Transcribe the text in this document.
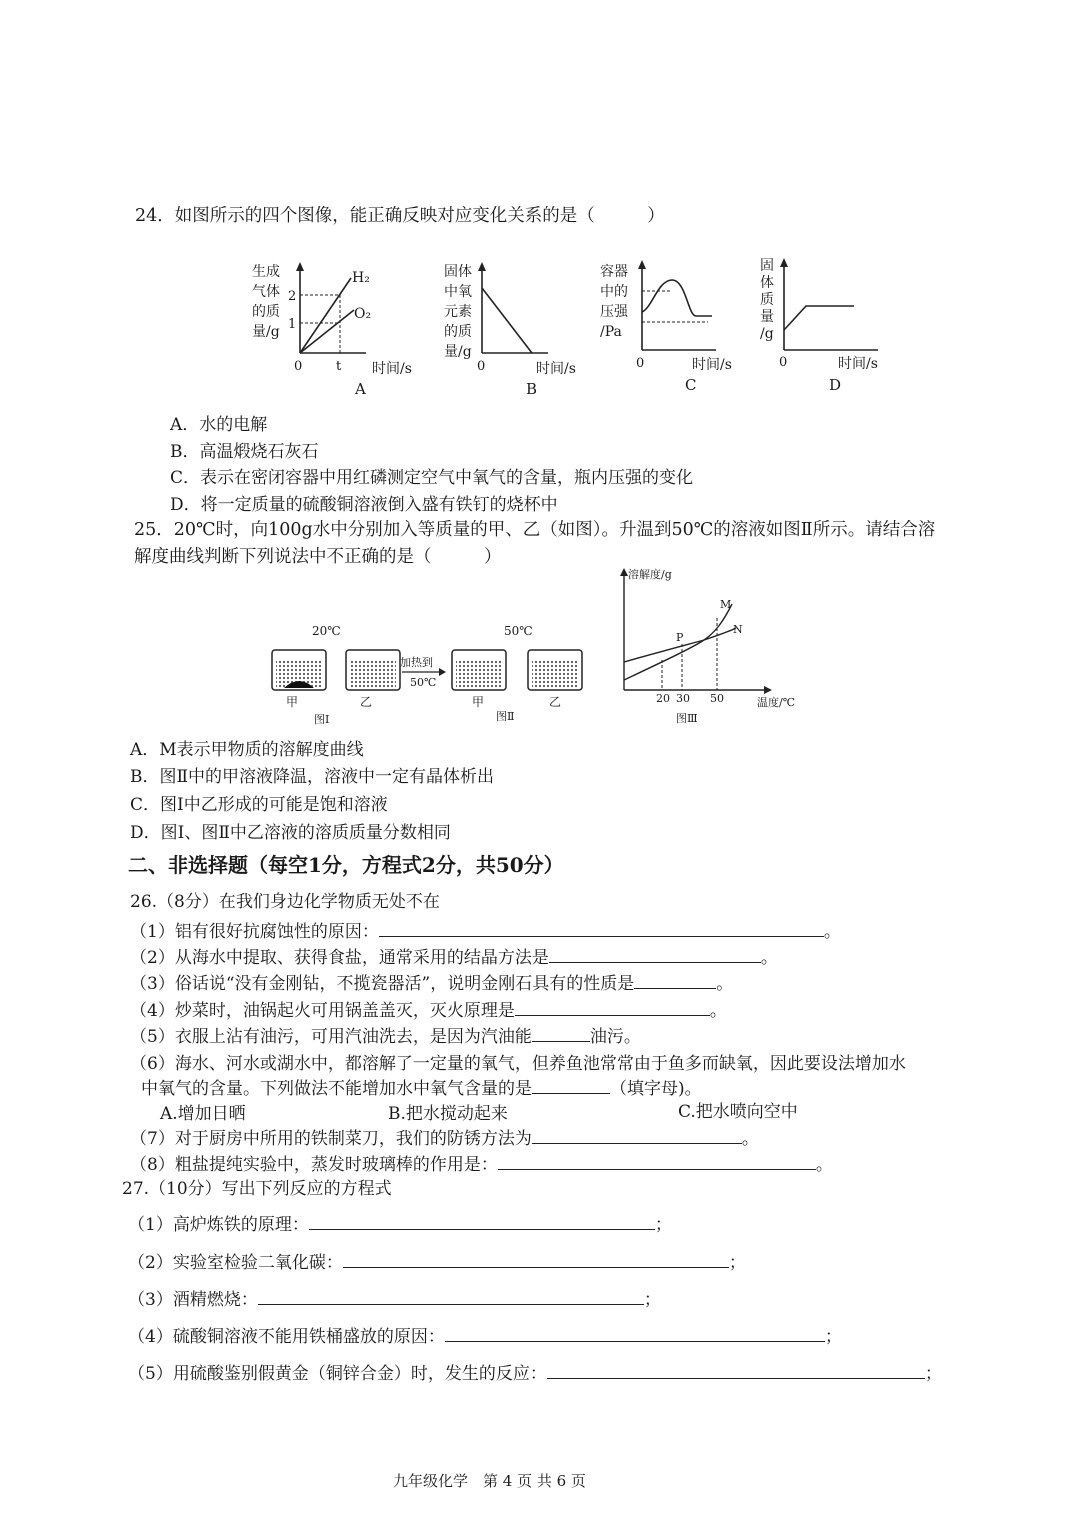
24．如图所示的四个图像，能正确反映对应变化关系的是（　　　）
生成
气体
的质
量/g
2
1
0	t
H₂
O₂
时间/s
A
固体
中氧
元素
的质
量/g
0	时间/s
B
容器
中的
压强
/Pa
0	时间/s
C
固
体
质
量
/g
0	时间/s
D
A．水的电解
B．高温煅烧石灰石
C．表示在密闭容器中用红磷测定空气中氧气的含量，瓶内压强的变化
D．将一定质量的硫酸铜溶液倒入盛有铁钉的烧杯中
25．20℃时，向100g水中分别加入等质量的甲、乙（如图）。升温到50℃的溶液如图Ⅱ所示。请结合溶
解度曲线判断下列说法中不正确的是（　　　）
20℃	50℃
加热到
50℃
甲	乙	甲	乙
图Ⅰ	图Ⅱ
溶解度/g
M
N
P
20 30 50	温度/℃
图Ⅲ
A．M表示甲物质的溶解度曲线
B．图Ⅱ中的甲溶液降温，溶液中一定有晶体析出
C．图Ⅰ中乙形成的可能是饱和溶液
D．图Ⅰ、图Ⅱ中乙溶液的溶质质量分数相同
二、非选择题（每空1分，方程式2分，共50分）
26.（8分）在我们身边化学物质无处不在
（1）铝有很好抗腐蚀性的原因：	。
（2）从海水中提取、获得食盐，通常采用的结晶方法是	。
（3）俗话说“没有金刚钻，不揽瓷器活”，说明金刚石具有的性质是	。
（4）炒菜时，油锅起火可用锅盖盖灭，灭火原理是	。
（5）衣服上沾有油污，可用汽油洗去，是因为汽油能	油污。
（6）海水、河水或湖水中，都溶解了一定量的氧气，但养鱼池常常由于鱼多而缺氧，因此要设法增加水
中氧气的含量。下列做法不能增加水中氧气含量的是	（填字母)。
A.增加日晒	B.把水搅动起来	C.把水喷向空中
（7）对于厨房中所用的铁制菜刀，我们的防锈方法为	。
（8）粗盐提纯实验中，蒸发时玻璃棒的作用是：	。
27.（10分）写出下列反应的方程式
（1）高炉炼铁的原理：	；
（2）实验室检验二氧化碳：	；
（3）酒精燃烧：	；
（4）硫酸铜溶液不能用铁桶盛放的原因：	；
（5）用硫酸鉴别假黄金（铜锌合金）时，发生的反应：	；
九年级化学　第 4 页 共 6 页
